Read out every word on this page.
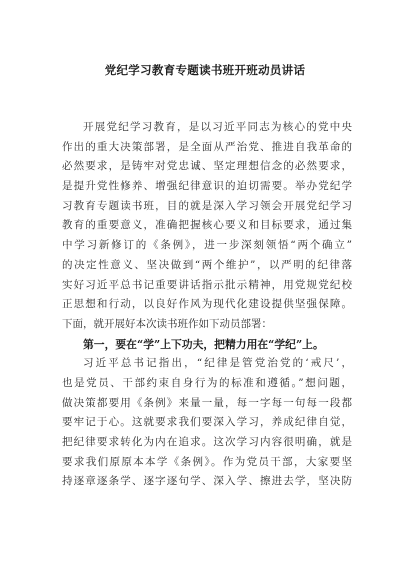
党纪学习教育专题读书班开班动员讲话
开展党纪学习教育，是以习近平同志为核心的党中央
作出的重大决策部署，是全面从严治党、推进自我革命的
必然要求，是铸牢对党忠诚、坚定理想信念的必然要求，
是提升党性修养、增强纪律意识的迫切需要。举办党纪学
习教育专题读书班，目的就是深入学习领会开展党纪学习
教育的重要意义，准确把握核心要义和目标要求，通过集
中学习新修订的《条例》，进一步深刻领悟“两个确立”
的决定性意义、坚决做到“两个维护”，以严明的纪律落
实好习近平总书记重要讲话指示批示精神，用党规党纪校
正思想和行动，以良好作风为现代化建设提供坚强保障。
下面，就开展好本次读书班作如下动员部署：
第一，要在“学”上下功夫，把精力用在“学纪”上。
习近平总书记指出，“纪律是管党治党的‘戒尺’，
也是党员、干部约束自身行为的标准和遵循。”想问题，
做决策都要用《条例》来量一量，每一字每一句每一段都
要牢记于心。这就要求我们要深入学习，养成纪律自觉，
把纪律要求转化为内在追求。这次学习内容很明确，就是
要求我们原原本本学《条例》。作为党员干部，大家要坚
持逐章逐条学、逐字逐句学、深入学、擦进去学，坚决防
